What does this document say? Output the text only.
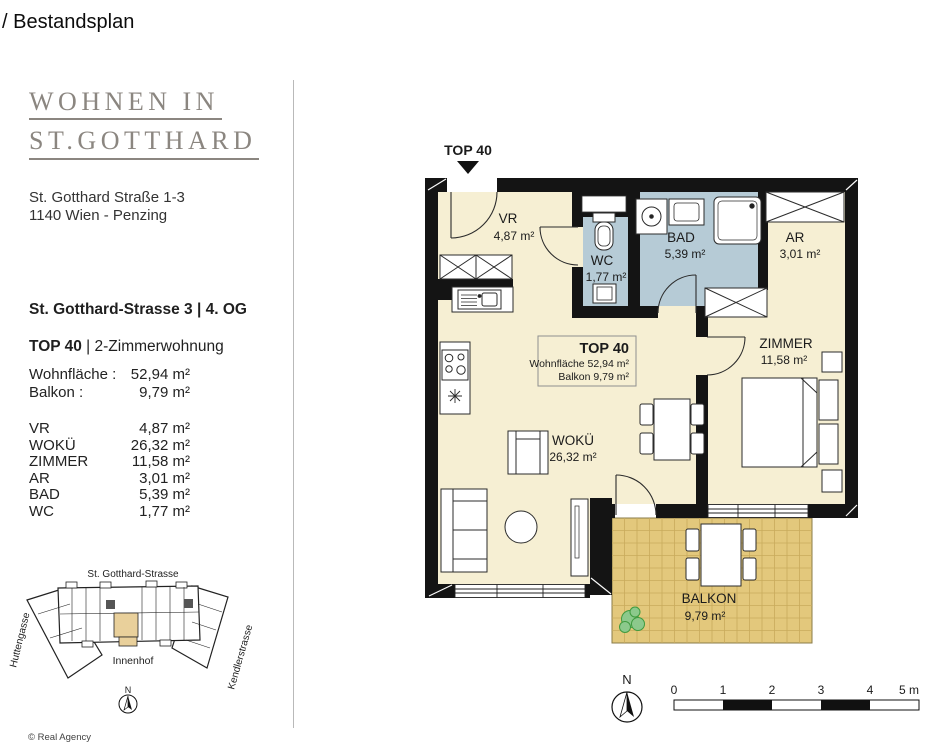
/ Bestandsplan
WOHNEN IN
ST.GOTTHARD
St. Gotthard Straße 1-3
1140 Wien - Penzing
St. Gotthard-Strasse 3 | 4. OG
TOP 40 | 2-Zimmerwohnung
Wohnfläche : 52,94 m²
Balkon :	9,79 m²
VR	4,87 m²
WOKÜ	26,32 m²
ZIMMER	11,58 m²
AR	3,01 m²
BAD	5,39 m²
WC	1,77 m²
© Real Agency
St. Gotthard-Strasse
Huttengasse	Kendlerstrasse
Innenhof
N
TOP 40
TOP 40
Wohnfläche 52,94 m²
Balkon 9,79 m²
VR
4,87 m²
WC
1,77 m²
BAD
5,39 m²
AR
3,01 m²
ZIMMER
11,58 m²
WOKÜ
26,32 m²
BALKON
9,79 m²
N
0	1	2	3	4 5 m
